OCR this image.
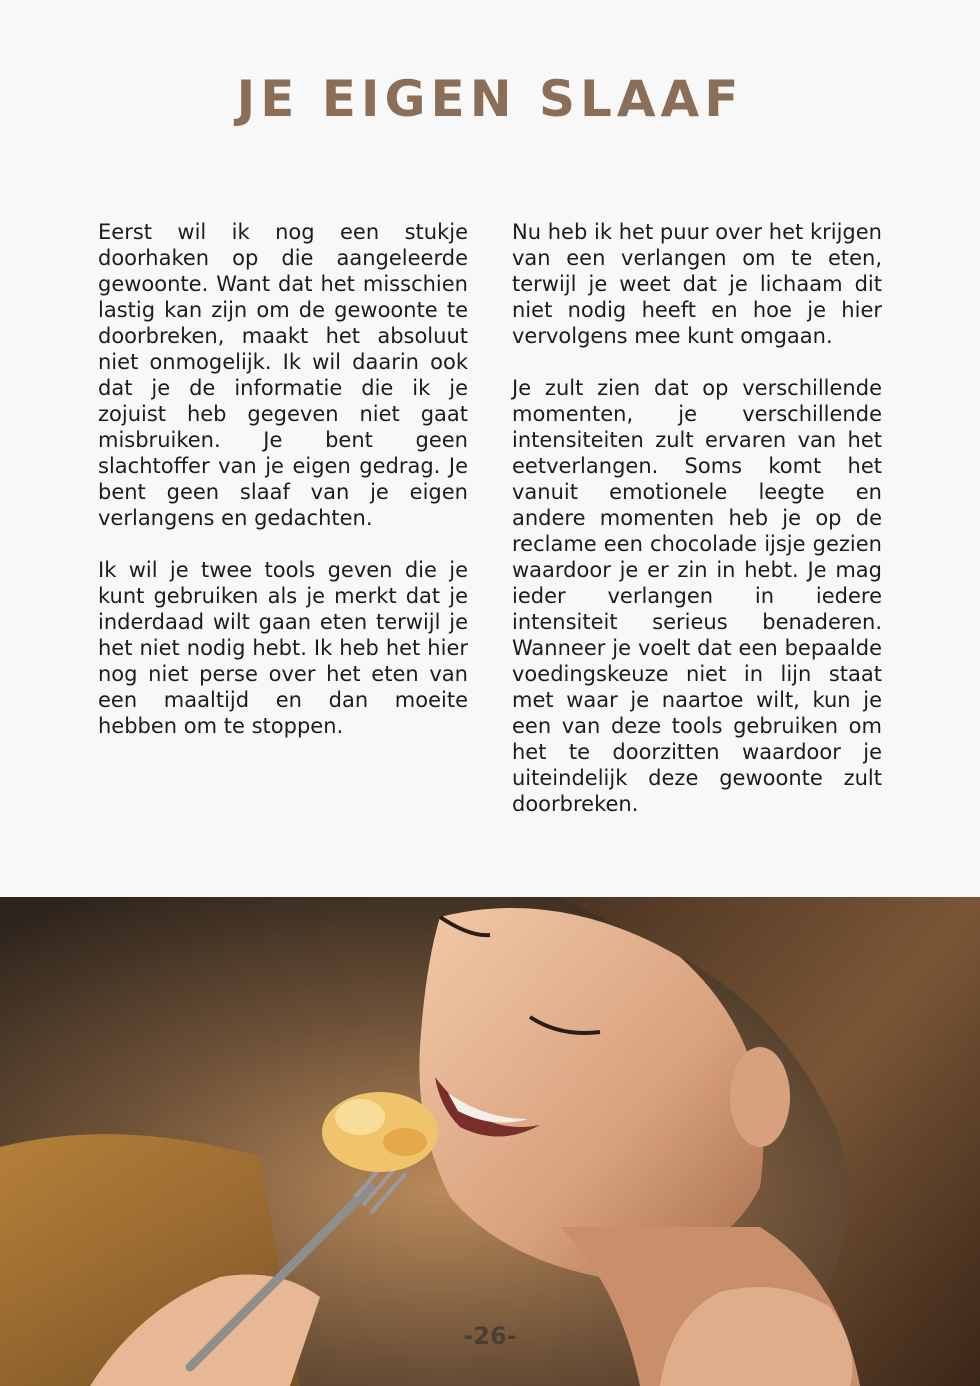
JE EIGEN SLAAF

Eerst wil ik nog een stukje doorhaken op die aangeleerde gewoonte. Want dat het misschien lastig kan zijn om de gewoonte te doorbreken, maakt het absoluut niet onmogelijk. Ik wil daarin ook dat je de informatie die ik je zojuist heb gegeven niet gaat misbruiken. Je bent geen slachtoffer van je eigen gedrag. Je bent geen slaaf van je eigen verlangens en gedachten.

Ik wil je twee tools geven die je kunt gebruiken als je merkt dat je inderdaad wilt gaan eten terwijl je het niet nodig hebt. Ik heb het hier nog niet perse over het eten van een maaltijd en dan moeite hebben om te stoppen.

Nu heb ik het puur over het krijgen van een verlangen om te eten, terwijl je weet dat je lichaam dit niet nodig heeft en hoe je hier vervolgens mee kunt omgaan.

Je zult zien dat op verschillende momenten, je verschillende intensiteiten zult ervaren van het eetverlangen. Soms komt het vanuit emotionele leegte en andere momenten heb je op de reclame een chocolade ijsje gezien waardoor je er zin in hebt. Je mag ieder verlangen in iedere intensiteit serieus benaderen. Wanneer je voelt dat een bepaalde voedingskeuze niet in lijn staat met waar je naartoe wilt, kun je een van deze tools gebruiken om het te doorzitten waardoor je uiteindelijk deze gewoonte zult doorbreken.

-26-
